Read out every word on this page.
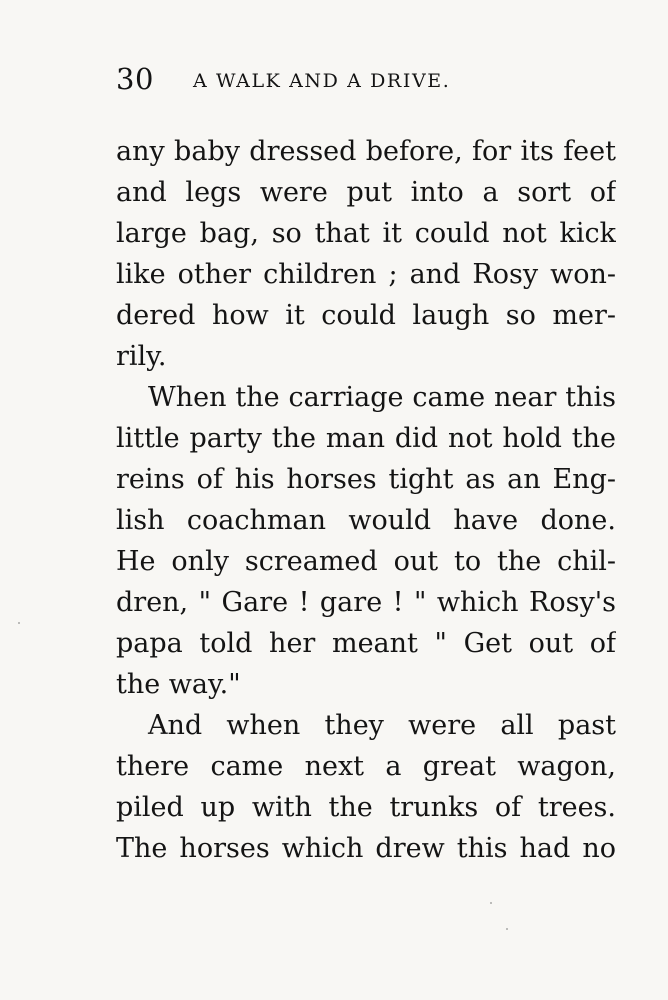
30 A WALK AND A DRIVE.
any baby dressed before, for its feet
and legs were put into a sort of
large bag, so that it could not kick
like other children ; and Rosy won-
dered how it could laugh so mer-
rily.
When the carriage came near this
little party the man did not hold the
reins of his horses tight as an Eng-
lish coachman would have done.
He only screamed out to the chil-
dren, " Gare ! gare ! " which Rosy's
papa told her meant " Get out of
the way."
And when they were all past
there came next a great wagon,
piled up with the trunks of trees.
The horses which drew this had no
